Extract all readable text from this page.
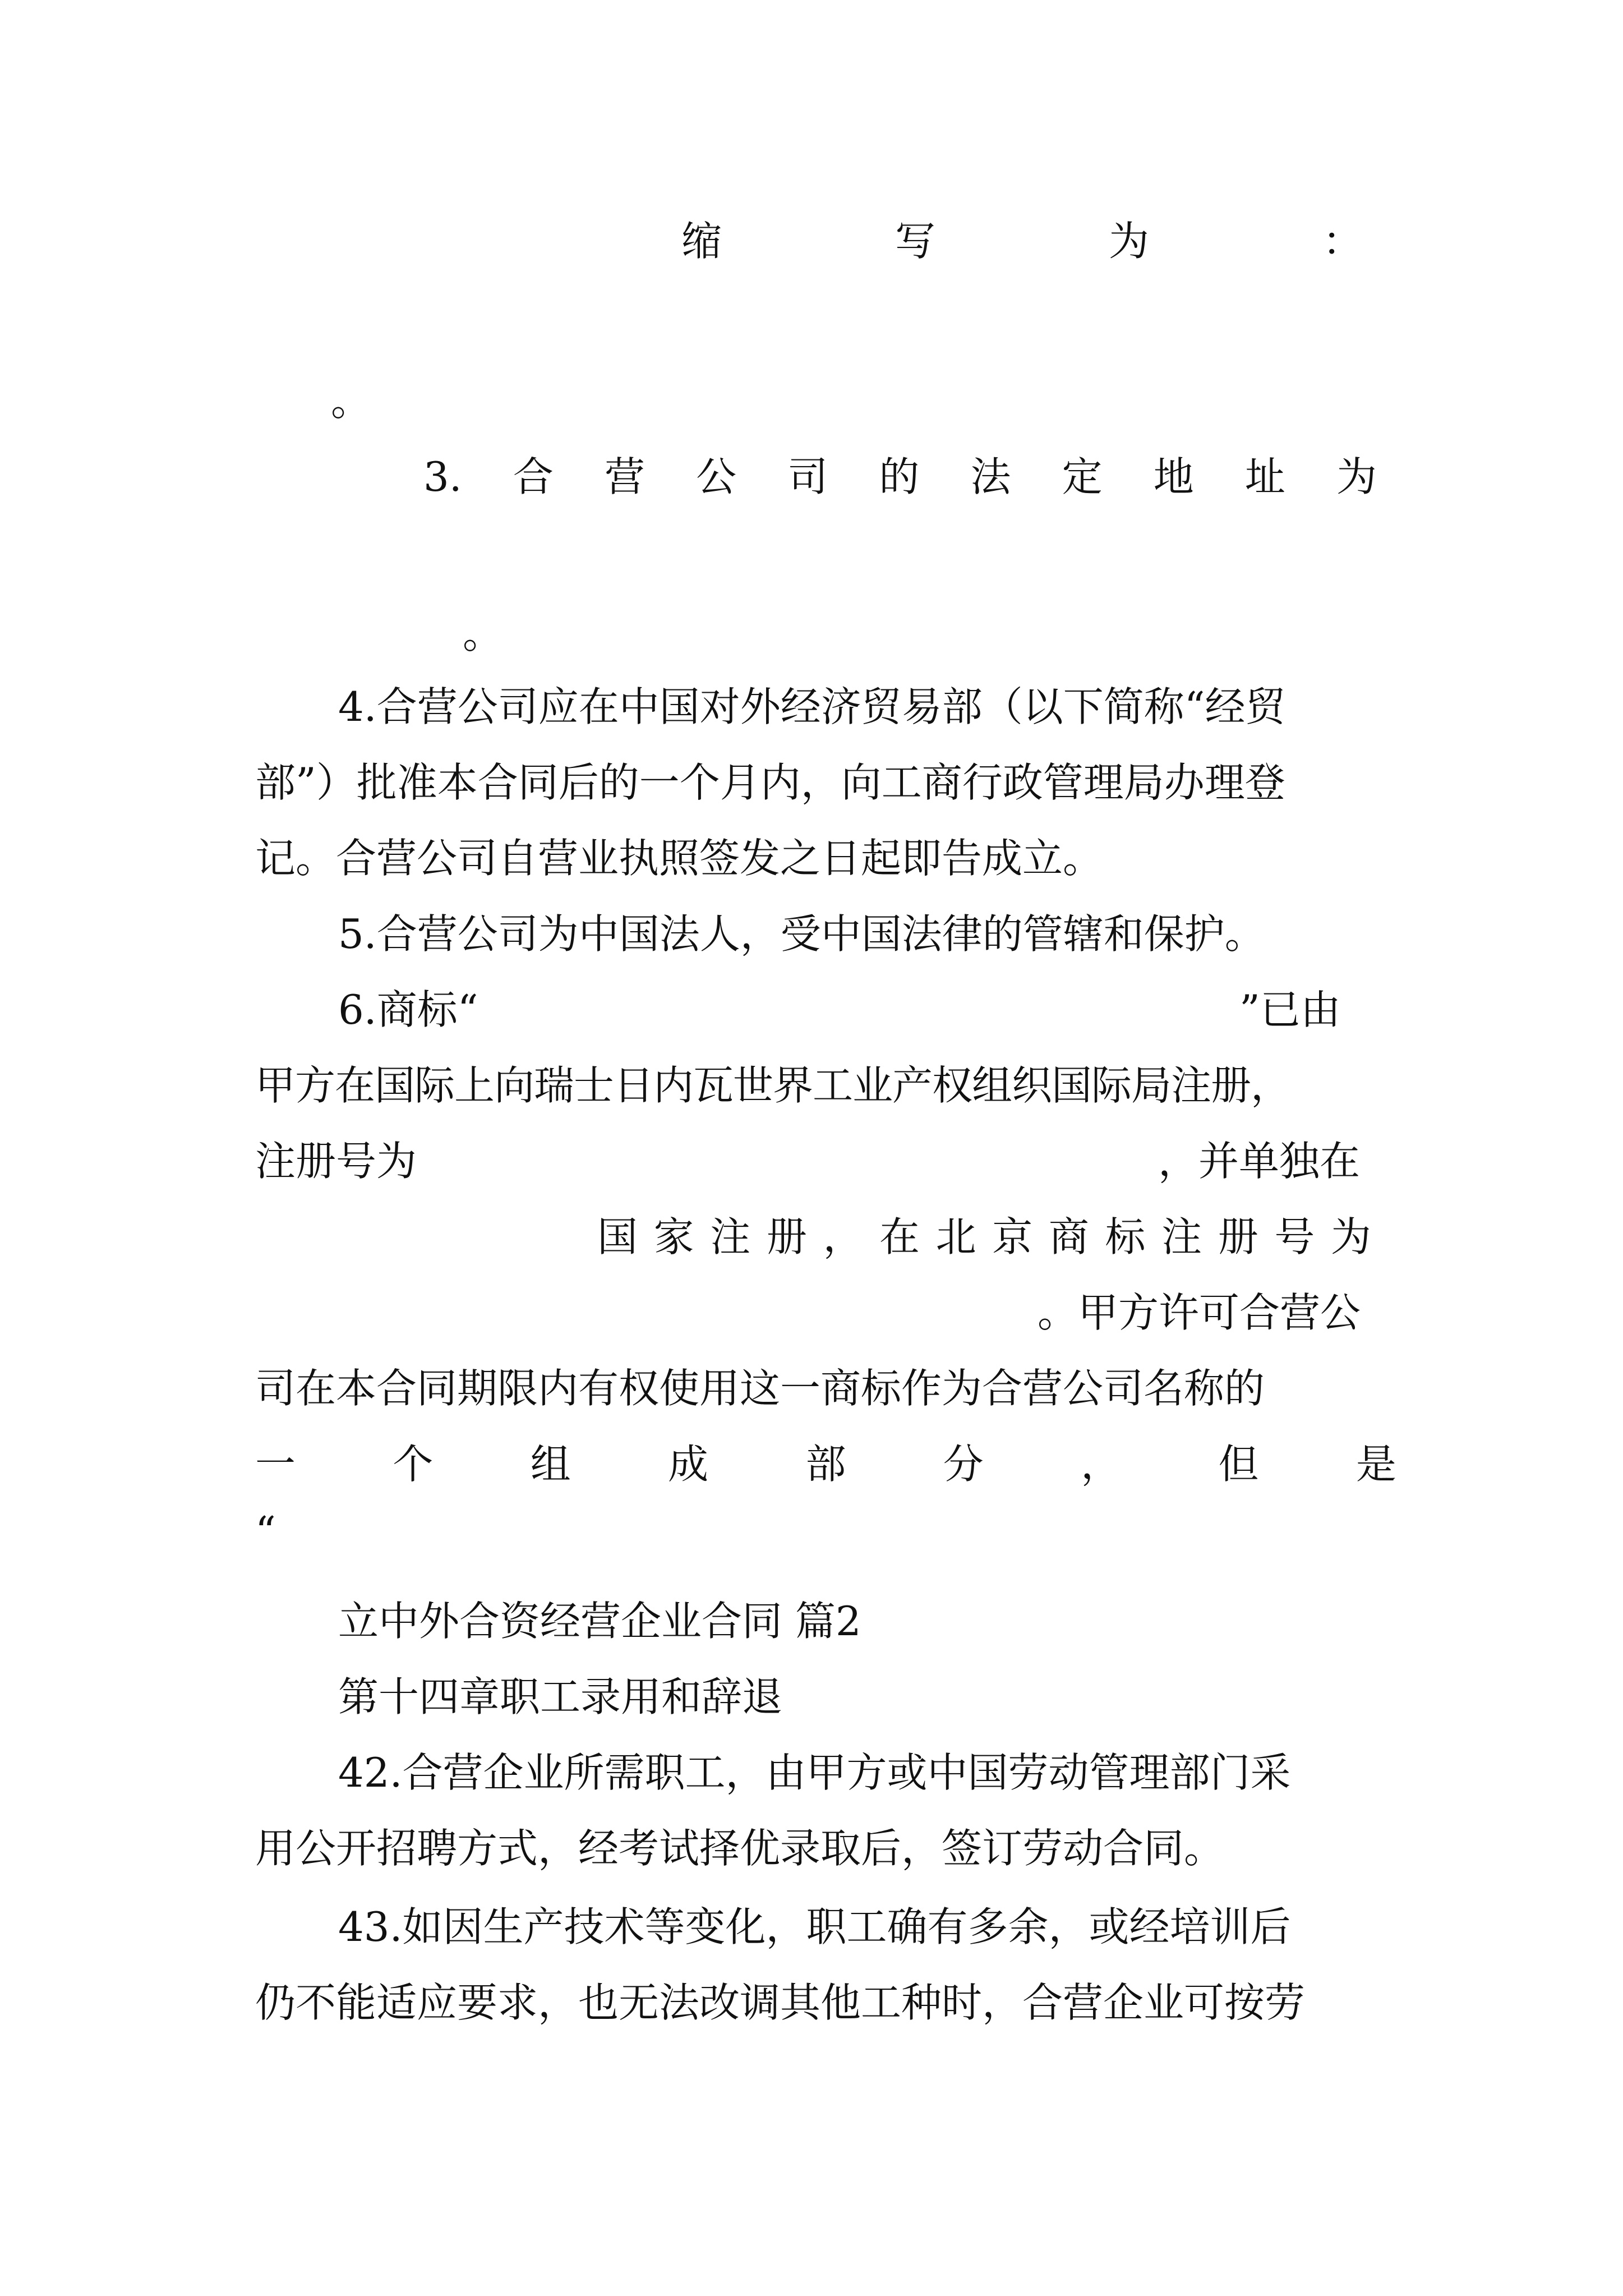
缩	写	为	：
。
3. 合 营 公 司 的 法 定 地 址 为
。
4.合营公司应在中国对外经济贸易部（以下简称“经贸
部”）批准本合同后的一个月内，向工商行政管理局办理登
记。合营公司自营业执照签发之日起即告成立。
5.合营公司为中国法人，受中国法律的管辖和保护。
6.商标“	”已由
甲方在国际上向瑞士日内瓦世界工业产权组织国际局注册，
注册号为	，并单独在
国 家 注 册 ， 在 北 京 商 标 注 册 号 为
。甲方许可合营公
司在本合同期限内有权使用这一商标作为合营公司名称的
一 个 组 成 部 分 ， 但 是
“
立中外合资经营企业合同 篇2
第十四章职工录用和辞退
42.合营企业所需职工，由甲方或中国劳动管理部门采
用公开招聘方式，经考试择优录取后，签订劳动合同。
43.如因生产技术等变化，职工确有多余，或经培训后
仍不能适应要求，也无法改调其他工种时，合营企业可按劳
